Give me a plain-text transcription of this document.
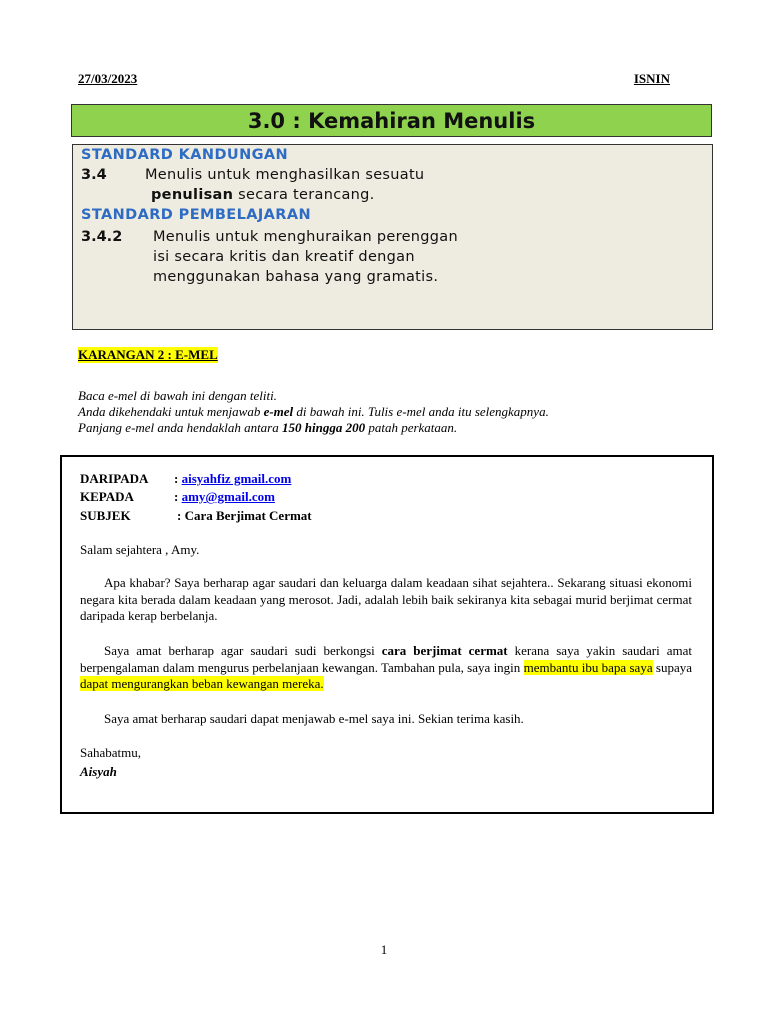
27/03/2023	ISNIN
3.0 : Kemahiran Menulis
STANDARD KANDUNGAN
3.4	Menulis untuk menghasilkan sesuatu
penulisan secara terancang.
STANDARD PEMBELAJARAN
3.4.2 Menulis untuk menghuraikan perenggan
isi secara kritis dan kreatif dengan
menggunakan bahasa yang gramatis.
KARANGAN 2 : E-MEL
Baca e-mel di bawah ini dengan teliti.
Anda dikehendaki untuk menjawab e-mel di bawah ini. Tulis e-mel anda itu selengkapnya.
Panjang e-mel anda hendaklah antara 150 hingga 200 patah perkataan.
DARIPADA : aisyahfiz gmail.com
KEPADA	: amy@gmail.com
SUBJEK	: Cara Berjimat Cermat
Salam sejahtera , Amy.
Apa khabar? Saya berharap agar saudari dan keluarga dalam keadaan sihat sejahtera.. Sekarang situasi ekonomi negara kita berada dalam keadaan yang merosot. Jadi, adalah lebih baik sekiranya kita sebagai murid berjimat cermat daripada kerap berbelanja.
Saya amat berharap agar saudari sudi berkongsi cara berjimat cermat kerana saya yakin saudari amat berpengalaman dalam mengurus perbelanjaan kewangan. Tambahan pula, saya ingin membantu ibu bapa saya supaya dapat mengurangkan beban kewangan mereka.
Saya amat berharap saudari dapat menjawab e-mel saya ini. Sekian terima kasih.
Sahabatmu,
Aisyah
1
